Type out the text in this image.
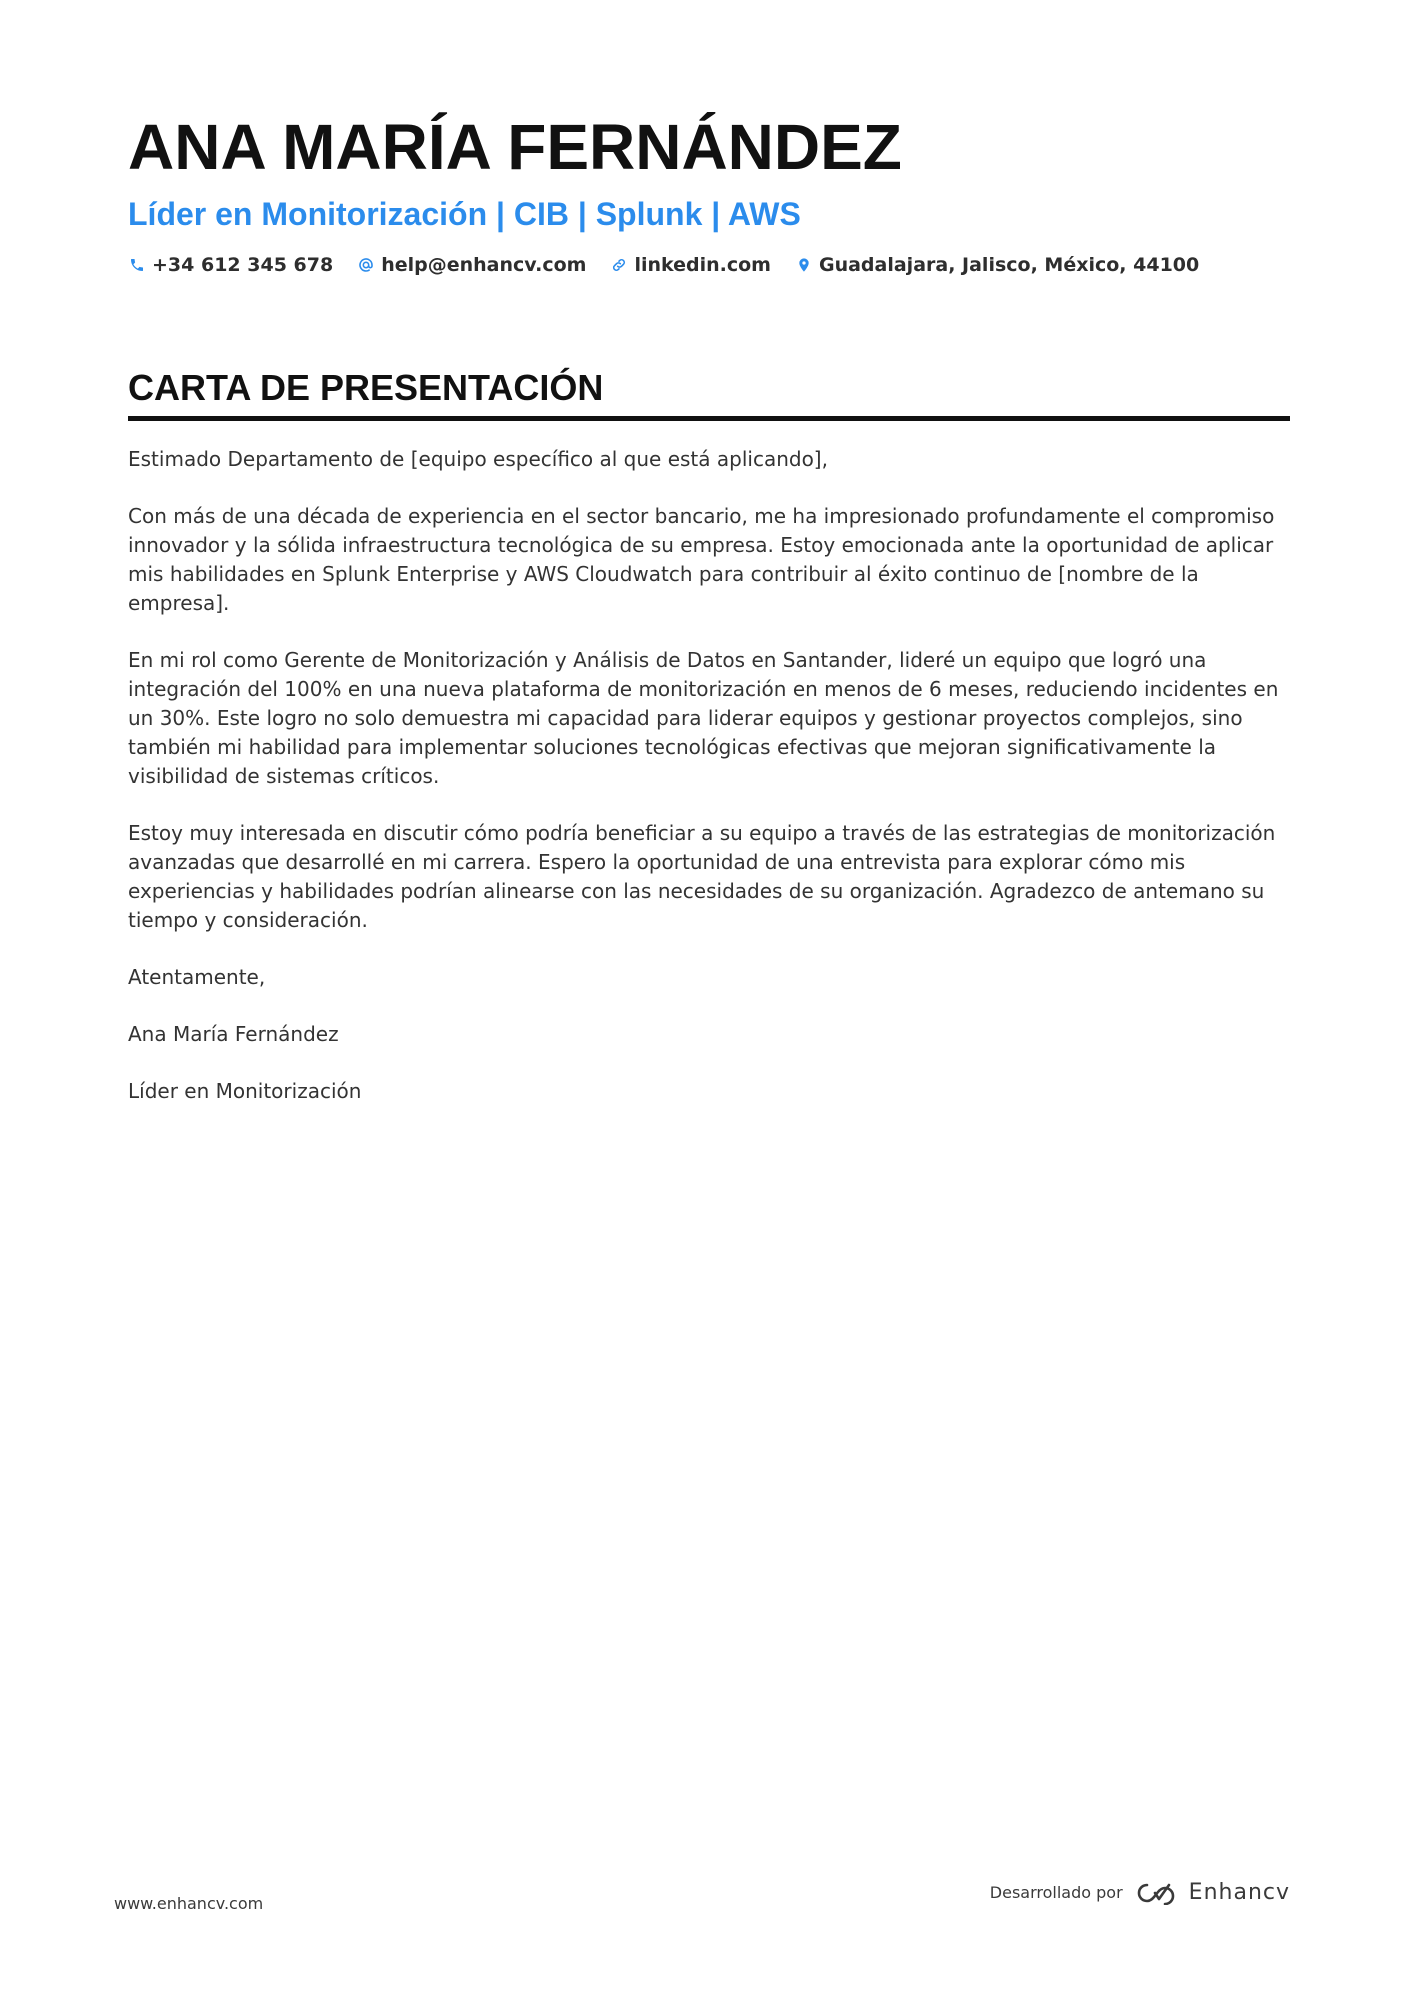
ANA MARÍA FERNÁNDEZ
Líder en Monitorización | CIB | Splunk | AWS
+34 612 345 678	help@enhancv.com	linkedin.com	Guadalajara, Jalisco, México, 44100
CARTA DE PRESENTACIÓN

Estimado Departamento de [equipo específico al que está aplicando],

Con más de una década de experiencia en el sector bancario, me ha impresionado profundamente el compromiso innovador y la sólida infraestructura tecnológica de su empresa. Estoy emocionada ante la oportunidad de aplicar mis habilidades en Splunk Enterprise y AWS Cloudwatch para contribuir al éxito continuo de [nombre de la empresa].

En mi rol como Gerente de Monitorización y Análisis de Datos en Santander, lideré un equipo que logró una integración del 100% en una nueva plataforma de monitorización en menos de 6 meses, reduciendo incidentes en un 30%. Este logro no solo demuestra mi capacidad para liderar equipos y gestionar proyectos complejos, sino también mi habilidad para implementar soluciones tecnológicas efectivas que mejoran significativamente la visibilidad de sistemas críticos.

Estoy muy interesada en discutir cómo podría beneficiar a su equipo a través de las estrategias de monitorización avanzadas que desarrollé en mi carrera. Espero la oportunidad de una entrevista para explorar cómo mis experiencias y habilidades podrían alinearse con las necesidades de su organización. Agradezco de antemano su tiempo y consideración.

Atentamente,

Ana María Fernández

Líder en Monitorización

www.enhancv.com
Desarrollado por	Enhancv
